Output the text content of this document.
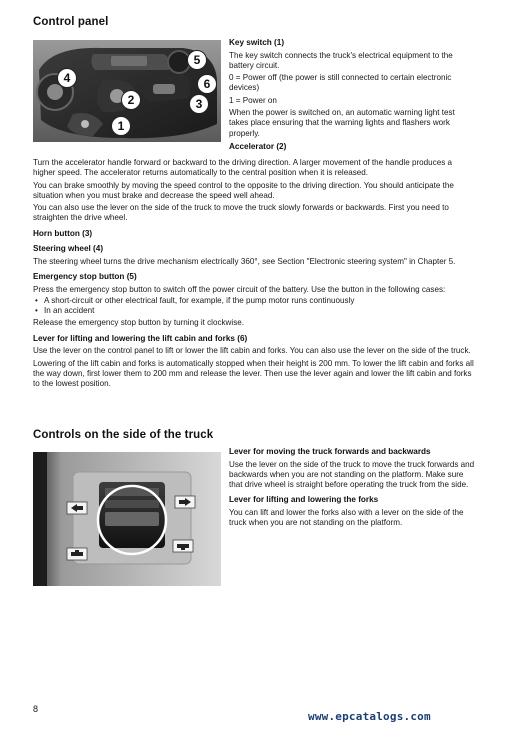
Control panel
4
5
6
2	3
1
Key switch (1)

The key switch connects the truck's electrical equipment to the battery circuit.

0 = Power off (the power is still connected to certain electronic devices)

1 = Power on

When the power is switched on, an automatic warning light test takes place ensuring that the warning lights and flashers work properly.

Accelerator (2)

Turn the accelerator handle forward or backward to the driving direction. A larger movement of the handle produces a higher speed. The accelerator returns automatically to the central position when it is released.

You can brake smoothly by moving the speed control to the opposite to the driving direction. You should anticipate the situation when you must brake and decrease the speed well ahead.

You can also use the lever on the side of the truck to move the truck slowly forwards or backwards. First you need to straighten the drive wheel.

Horn button (3)
Steering wheel (4)

The steering wheel turns the drive mechanism electrically 360°, see Section "Electronic steering system" in Chapter 5.

Emergency stop button (5)

Press the emergency stop button to switch off the power circuit of the battery. Use the button in the following cases:

• A short-circuit or other electrical fault, for example, if the pump motor runs continuously
• In an accident

Release the emergency stop button by turning it clockwise.

Lever for lifting and lowering the lift cabin and forks (6)

Use the lever on the control panel to lift or lower the lift cabin and forks. You can also use the lever on the side of the truck.

Lowering of the lift cabin and forks is automatically stopped when their height is 200 mm. To lower the lift cabin and forks all the way down, first lower them to 200 mm and release the lever. Then use the lever again and lower the lift cabin and forks to the lowest position.

Controls on the side of the truck
Lever for moving the truck forwards and backwards

Use the lever on the side of the truck to move the truck forwards and backwards when you are not standing on the platform. Make sure that drive wheel is straight before operating the truck from the side.

Lever for lifting and lowering the forks

You can lift and lower the forks also with a lever on the side of the truck when you are not standing on the platform.

8
www.epcatalogs.com
